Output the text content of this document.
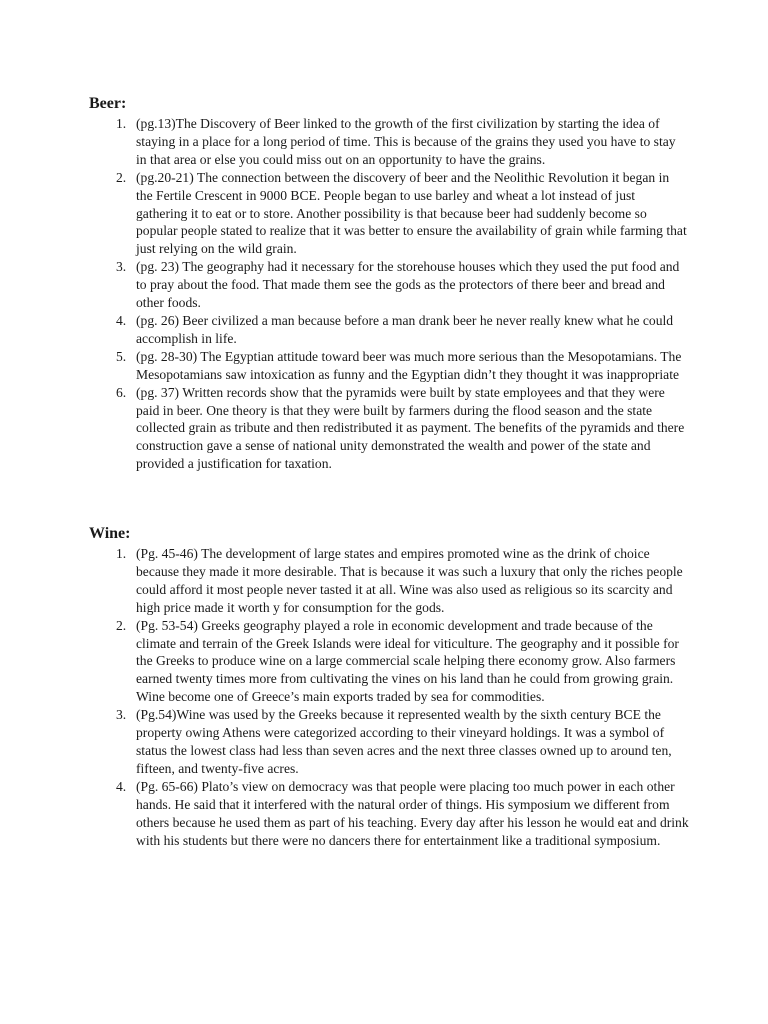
Beer:
1. (pg.13)The Discovery of Beer linked to the growth of the first civilization by starting the idea of staying in a place for a long period of time. This is because of the grains they used you have to stay in that area or else you could miss out on an opportunity to have the grains.
2. (pg.20-21) The connection between the discovery of beer and the Neolithic Revolution it began in the Fertile Crescent in 9000 BCE. People began to use barley and wheat a lot instead of just gathering it to eat or to store. Another possibility is that because beer had suddenly become so popular people stated to realize that it was better to ensure the availability of grain while farming that just relying on the wild grain.
3. (pg. 23) The geography had it necessary for the storehouse houses which they used the put food and to pray about the food. That made them see the gods as the protectors of there beer and bread and other foods.
4. (pg. 26) Beer civilized a man because before a man drank beer he never really knew what he could accomplish in life.
5. (pg. 28-30) The Egyptian attitude toward beer was much more serious than the Mesopotamians. The Mesopotamians saw intoxication as funny and the Egyptian didn’t they thought it was inappropriate
6. (pg. 37) Written records show that the pyramids were built by state employees and that they were paid in beer. One theory is that they were built by farmers during the flood season and the state collected grain as tribute and then redistributed it as payment. The benefits of the pyramids and there construction gave a sense of national unity demonstrated the wealth and power of the state and provided a justification for taxation.
Wine:
1. (Pg. 45-46) The development of large states and empires promoted wine as the drink of choice because they made it more desirable. That is because it was such a luxury that only the riches people could afford it most people never tasted it at all. Wine was also used as religious so its scarcity and high price made it worth y for consumption for the gods.
2. (Pg. 53-54) Greeks geography played a role in economic development and trade because of the climate and terrain of the Greek Islands were ideal for viticulture. The geography and it possible for the Greeks to produce wine on a large commercial scale helping there economy grow. Also farmers earned twenty times more from cultivating the vines on his land than he could from growing grain. Wine become one of Greece’s main exports traded by sea for commodities.
3. (Pg.54)Wine was used by the Greeks because it represented wealth by the sixth century BCE the property owing Athens were categorized according to their vineyard holdings. It was a symbol of status the lowest class had less than seven acres and the next three classes owned up to around ten, fifteen, and twenty-five acres.
4. (Pg. 65-66) Plato’s view on democracy was that people were placing too much power in each other hands. He said that it interfered with the natural order of things. His symposium we different from others because he used them as part of his teaching. Every day after his lesson he would eat and drink with his students but there were no dancers there for entertainment like a traditional symposium.
